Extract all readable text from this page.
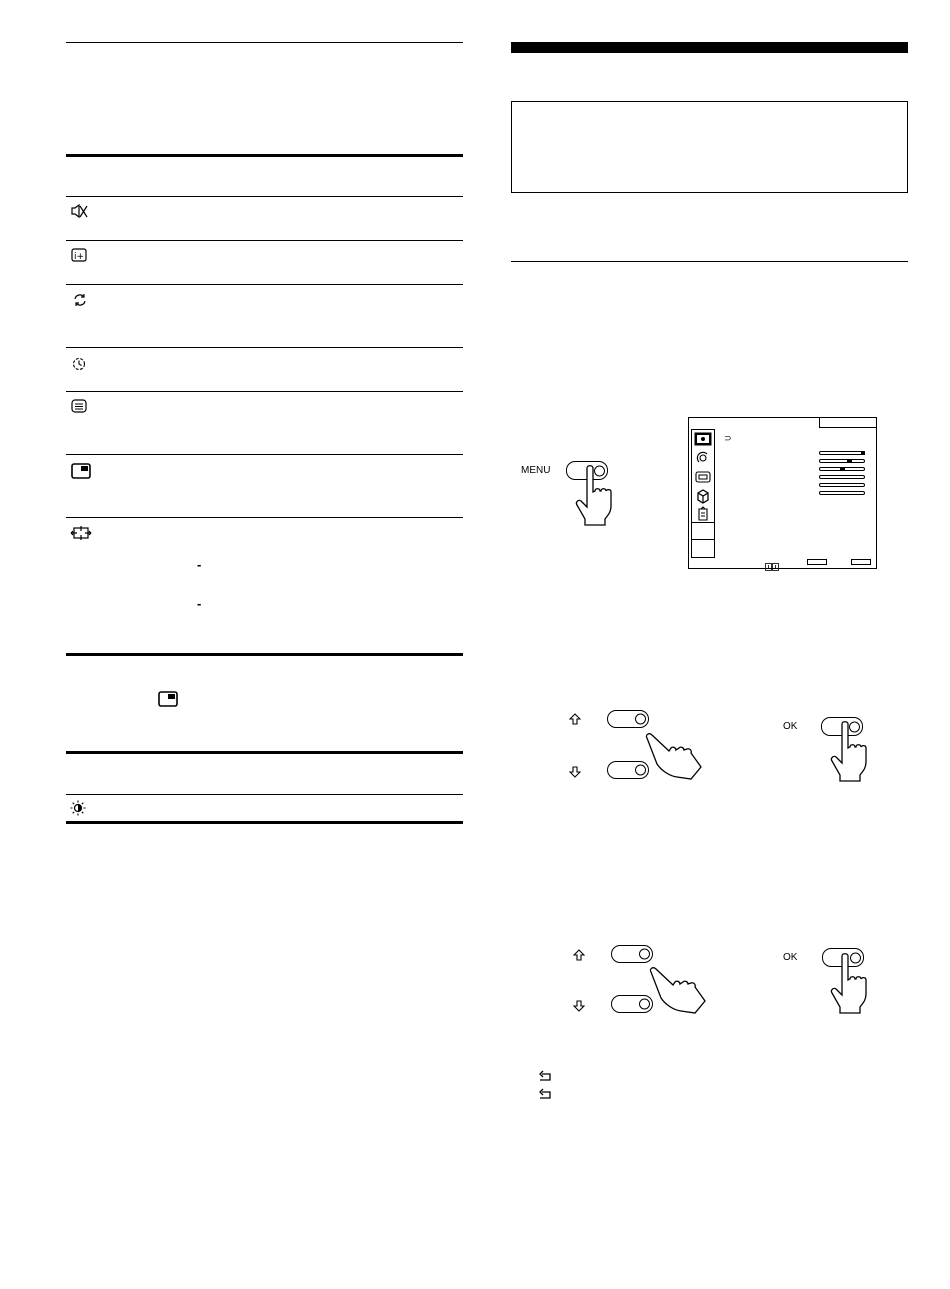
i+
-
-
MENU
⊃
OK
OK
